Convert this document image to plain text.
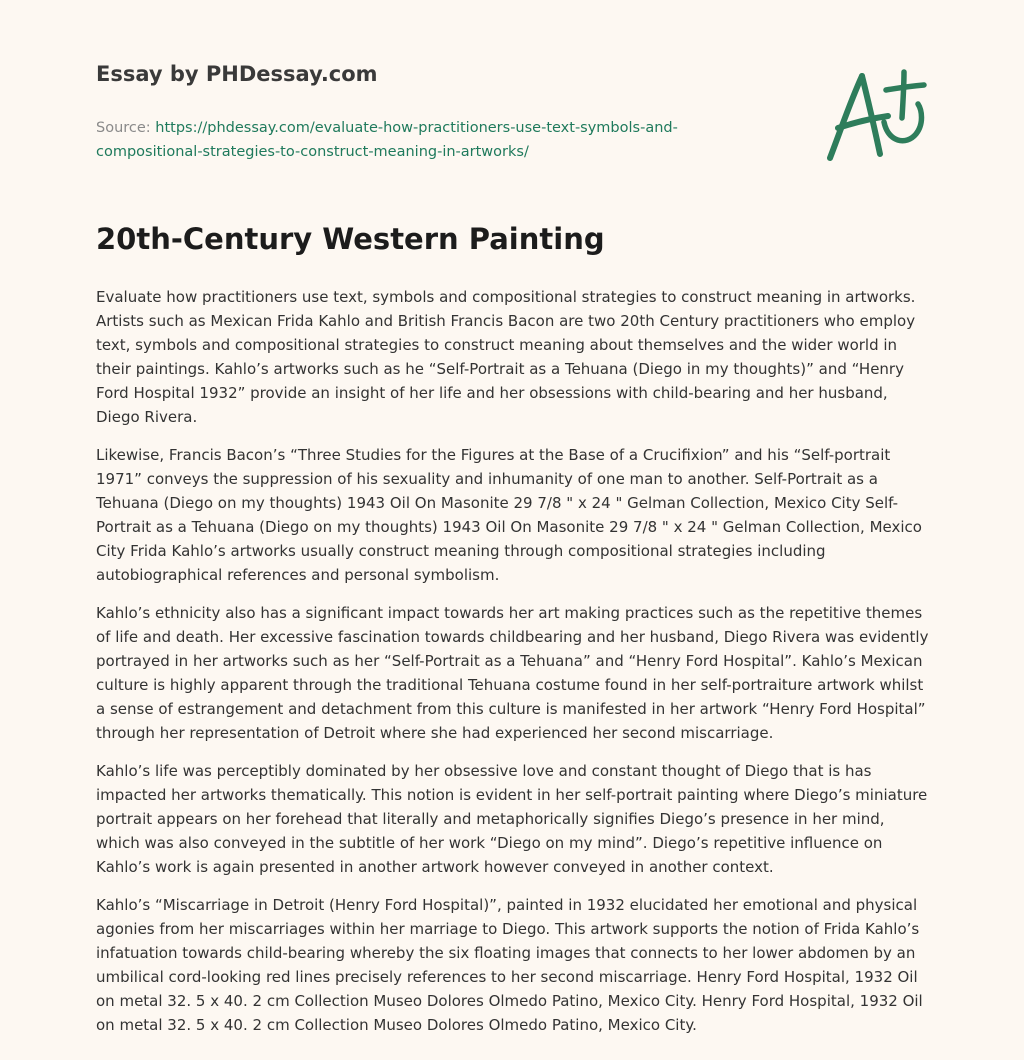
Essay by PHDessay.com
Source: https://phdessay.com/evaluate-how-practitioners-use-text-symbols-and-
compositional-strategies-to-construct-meaning-in-artworks/
20th-Century Western Painting

Evaluate how practitioners use text, symbols and compositional strategies to construct meaning in artworks. Artists such as Mexican Frida Kahlo and British Francis Bacon are two 20th Century practitioners who employ text, symbols and compositional strategies to construct meaning about themselves and the wider world in their paintings. Kahlo’s artworks such as he “Self-Portrait as a Tehuana (Diego in my thoughts)” and “Henry Ford Hospital 1932” provide an insight of her life and her obsessions with child-bearing and her husband, Diego Rivera.

Likewise, Francis Bacon’s “Three Studies for the Figures at the Base of a Crucifixion” and his “Self-portrait 1971” conveys the suppression of his sexuality and inhumanity of one man to another. Self-Portrait as a Tehuana (Diego on my thoughts) 1943 Oil On Masonite 29 7/8 " x 24 " Gelman Collection, Mexico City Self-Portrait as a Tehuana (Diego on my thoughts) 1943 Oil On Masonite 29 7/8 " x 24 " Gelman Collection, Mexico City Frida Kahlo’s artworks usually construct meaning through compositional strategies including autobiographical references and personal symbolism.

Kahlo’s ethnicity also has a significant impact towards her art making practices such as the repetitive themes of life and death. Her excessive fascination towards childbearing and her husband, Diego Rivera was evidently portrayed in her artworks such as her “Self-Portrait as a Tehuana” and “Henry Ford Hospital”. Kahlo’s Mexican culture is highly apparent through the traditional Tehuana costume found in her self-portraiture artwork whilst a sense of estrangement and detachment from this culture is manifested in her artwork “Henry Ford Hospital” through her representation of Detroit where she had experienced her second miscarriage.

Kahlo’s life was perceptibly dominated by her obsessive love and constant thought of Diego that is has impacted her artworks thematically. This notion is evident in her self-portrait painting where Diego’s miniature portrait appears on her forehead that literally and metaphorically signifies Diego’s presence in her mind, which was also conveyed in the subtitle of her work “Diego on my mind”. Diego’s repetitive influence on Kahlo’s work is again presented in another artwork however conveyed in another context.

Kahlo’s “Miscarriage in Detroit (Henry Ford Hospital)”, painted in 1932 elucidated her emotional and physical agonies from her miscarriages within her marriage to Diego. This artwork supports the notion of Frida Kahlo’s infatuation towards child-bearing whereby the six floating images that connects to her lower abdomen by an umbilical cord-looking red lines precisely references to her second miscarriage. Henry Ford Hospital, 1932 Oil on metal 32. 5 x 40. 2 cm Collection Museo Dolores Olmedo Patino, Mexico City. Henry Ford Hospital, 1932 Oil on metal 32. 5 x 40. 2 cm Collection Museo Dolores Olmedo Patino, Mexico City.
